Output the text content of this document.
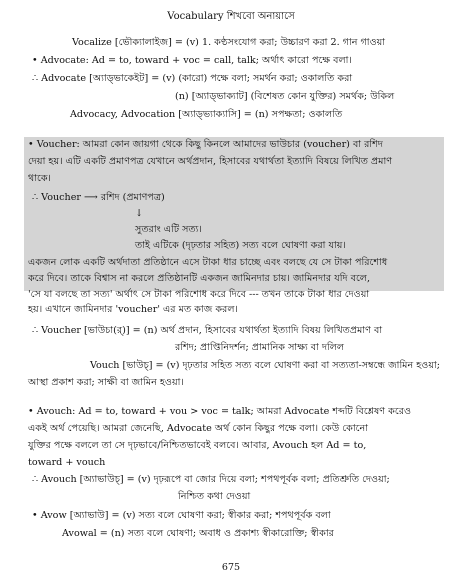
Vocabulary শিখবো অনায়াসে
Vocalize [ভৌক্যালাইজ] = (v) 1. কণ্ঠসংযোগ করা; উচ্চারণ করা 2. গান গাওয়া
• Advocate: Ad = to, toward + voc = call, talk; অর্থাৎ কারো পক্ষে বলা।
∴ Advocate [অ্যাড্‌ভাকেইট] = (v) (কারো) পক্ষে বলা; সমর্থন করা; ওকালতি করা
(n) [অ্যাড্‌ভাক্যাট] (বিশেষত কোন যুক্তির) সমর্থক; উকিল
Advocacy, Advocation [অ্যাড্‌ভ্যাক্যাসি] = (n) সপক্ষতা; ওকালতি
• Voucher: আমরা কোন জায়গা থেকে কিছু কিনলে আমাদের ভাউচার (voucher) বা রশিদ
দেয়া হয়। এটি একটি প্রমাণপত্র যেখানে অর্থপ্রদান, হিসাবের যথার্থতা ইত্যাদি বিষয়ে লিখিত প্রমাণ
থাকে।
∴ Voucher ⟶ রশিদ (প্রমাণপত্র)
↓
সুতরাং এটি সত্য।
তাই এটিকে (দৃঢ়তার সহিত) সত্য বলে ঘোষণা করা যায়।
একজন লোক একটি অর্থদাতা প্রতিষ্ঠানে এসে টাকা ধার চাচ্ছে এবং বলছে যে সে টাকা পরিশোধ
করে দিবে। তাকে বিশ্বাস না করলে প্রতিষ্ঠানটি একজন জামিনদার চায়। জামিনদার যদি বলে,
'সে যা বলছে তা সত্য' অর্থাৎ সে টাকা পরিশোধ করে দিবে --- তখন তাকে টাকা ধার দেওয়া
হয়। এখানে জামিনদার 'voucher' এর মত কাজ করল।
∴ Voucher [ভাউচা(র্)] = (n) অর্থ প্রদান, হিসাবের যথার্থতা ইত্যাদি বিষয় লিখিতপ্রমাণ বা
রশিদ; প্রাপ্তিনিদর্শন; প্রামানিক সাক্ষ্য বা দলিল
Vouch [ভাউচ্] = (v) দৃঢ়তার সহিত সত্য বলে ঘোষণা করা বা সত্যতা-সম্বন্ধে জামিন হওয়া;
আস্থা প্রকাশ করা; সাক্ষী বা জামিন হওয়া।
• Avouch: Ad = to, toward + vou > voc = talk; আমরা Advocate শব্দটি বিশ্লেষণ করেও
একই অর্থ পেয়েছি। আমরা জেনেছি, Advocate অর্থ কোন কিছুর পক্ষে বলা। কেউ কোনো
যুক্তির পক্ষে বললে তা সে দৃঢ়ভাবে/নিশ্চিতভাবেই বলবে। আবার, Avouch হল Ad = to,
toward + vouch
∴ Avouch [অ্যাভাউচ্] = (v) দৃঢ়রূপে বা জোর দিয়ে বলা; শপথপূর্বক বলা; প্রতিশ্রুতি দেওয়া;
নিশ্চিত কথা দেওয়া
• Avow [অ্যাভাউ] = (v) সত্য বলে ঘোষণা করা; স্বীকার করা; শপথপূর্বক বলা
Avowal = (n) সত্য বলে ঘোষণা; অবাধ ও প্রকাশ্য স্বীকারোক্তি; স্বীকার
675
